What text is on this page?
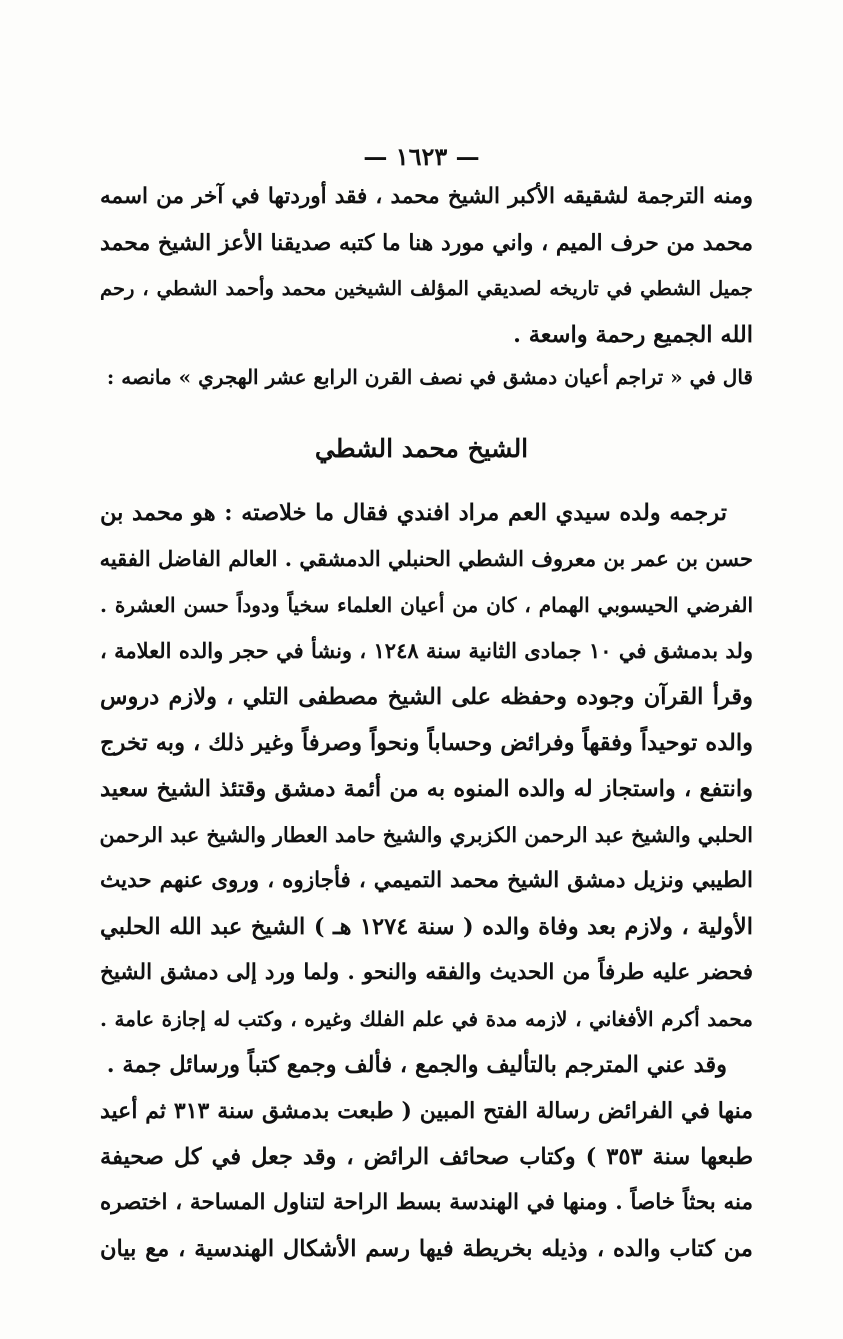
— ١٦٢٣ —
ومنه الترجمة لشقيقه الأكبر الشيخ محمد ، فقد أوردتها في آخر من اسمه
محمد من حرف الميم ، واني مورد هنا ما كتبه صديقنا الأعز الشيخ محمد
جميل الشطي في تاريخه لصديقي المؤلف الشيخين محمد وأحمد الشطي ، رحم
الله الجميع رحمة واسعة .
قال في « تراجم أعيان دمشق في نصف القرن الرابع عشر الهجري » مانصه :
الشيخ محمد الشطي
ترجمه ولده سيدي العم مراد افندي فقال ما خلاصته : هو محمد بن
حسن بن عمر بن معروف الشطي الحنبلي الدمشقي . العالم الفاضل الفقيه
الفرضي الحيسوبي الهمام ، كان من أعيان العلماء سخياً ودوداً حسن العشرة .
ولد بدمشق في ١٠ جمادى الثانية سنة ١٢٤٨ ، ونشأ في حجر والده العلامة ،
وقرأ القرآن وجوده وحفظه على الشيخ مصطفى التلي ، ولازم دروس
والده توحيداً وفقهاً وفرائض وحساباً ونحواً وصرفاً وغير ذلك ، وبه تخرج
وانتفع ، واستجاز له والده المنوه به من أئمة دمشق وقتئذ الشيخ سعيد
الحلبي والشيخ عبد الرحمن الكزبري والشيخ حامد العطار والشيخ عبد الرحمن
الطيبي ونزيل دمشق الشيخ محمد التميمي ، فأجازوه ، وروى عنهم حديث
الأولية ، ولازم بعد وفاة والده ( سنة ١٢٧٤ هـ ) الشيخ عبد الله الحلبي
فحضر عليه طرفاً من الحديث والفقه والنحو . ولما ورد إلى دمشق الشيخ
محمد أكرم الأفغاني ، لازمه مدة في علم الفلك وغيره ، وكتب له إجازة عامة .
وقد عني المترجم بالتأليف والجمع ، فألف وجمع كتباً ورسائل جمة .
منها في الفرائض رسالة الفتح المبين ( طبعت بدمشق سنة ٣١٣ ثم أعيد
طبعها سنة ٣٥٣ ) وكتاب صحائف الرائض ، وقد جعل في كل صحيفة
منه بحثاً خاصاً . ومنها في الهندسة بسط الراحة لتناول المساحة ، اختصره
من كتاب والده ، وذيله بخريطة فيها رسم الأشكال الهندسية ، مع بيان
